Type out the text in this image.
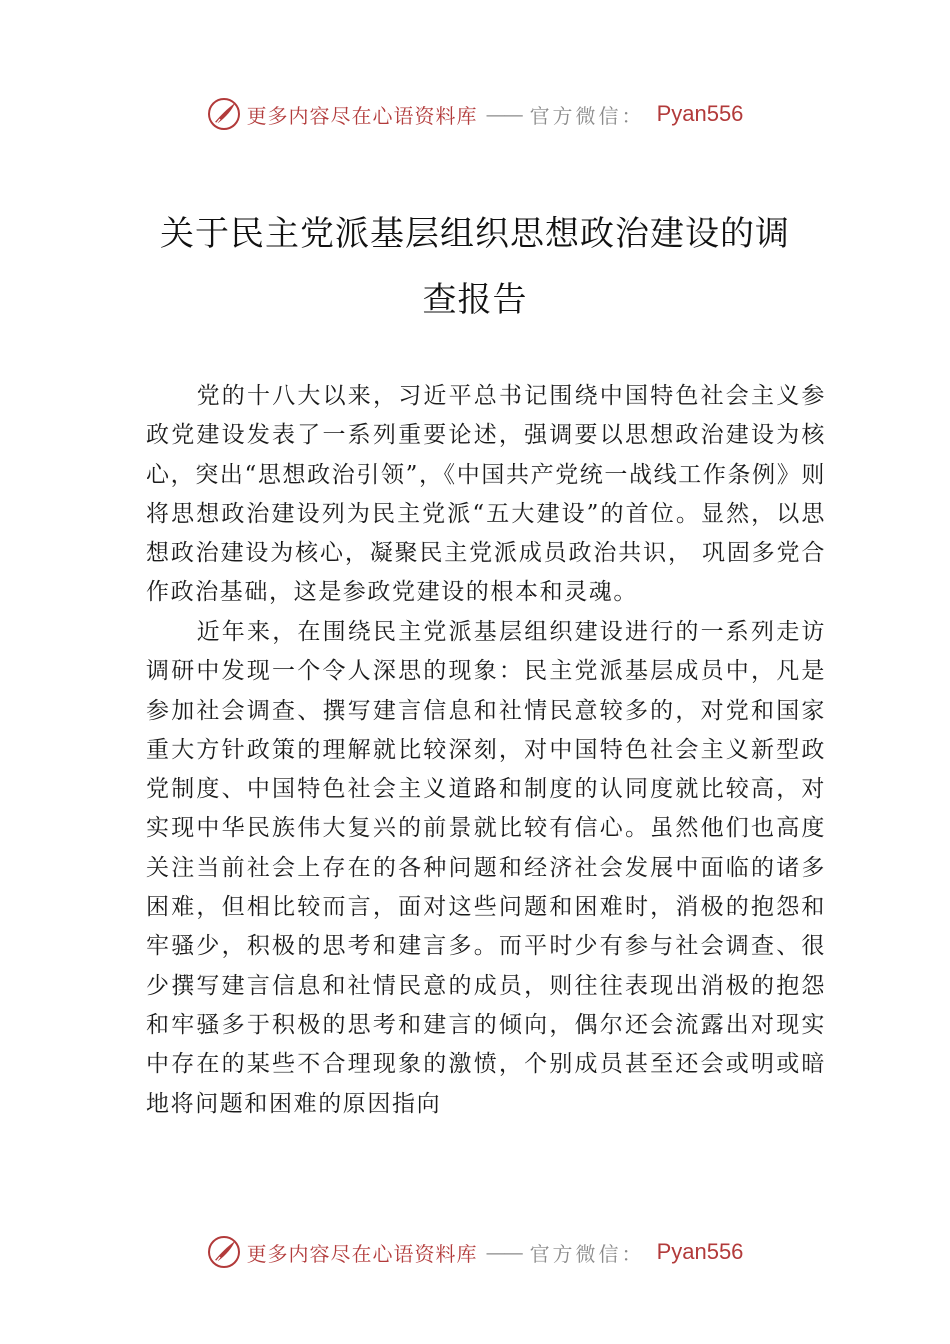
更多内容尽在心语资料库 —— 官方微信： Pyan556
关于民主党派基层组织思想政治建设的调
查报告

党的十八大以来，习近平总书记围绕中国特色社会主义参政党建设发表了一系列重要论述，强调要以思想政治建设为核心，突出“思想政治引领”，《中国共产党统一战线工作条例》则将思想政治建设列为民主党派“五大建设”的首位。显然，以思想政治建设为核心，凝聚民主党派成员政治共识， 巩固多党合作政治基础，这是参政党建设的根本和灵魂。

近年来，在围绕民主党派基层组织建设进行的一系列走访调研中发现一个令人深思的现象：民主党派基层成员中，凡是参加社会调查、撰写建言信息和社情民意较多的，对党和国家重大方针政策的理解就比较深刻，对中国特色社会主义新型政党制度、中国特色社会主义道路和制度的认同度就比较高，对实现中华民族伟大复兴的前景就比较有信心。虽然他们也高度关注当前社会上存在的各种问题和经济社会发展中面临的诸多困难，但相比较而言，面对这些问题和困难时，消极的抱怨和牢骚少，积极的思考和建言多。而平时少有参与社会调查、很少撰写建言信息和社情民意的成员，则往往表现出消极的抱怨和牢骚多于积极的思考和建言的倾向，偶尔还会流露出对现实中存在的某些不合理现象的激愤，个别成员甚至还会或明或暗地将问题和困难的原因指向

更多内容尽在心语资料库 —— 官方微信： Pyan556
